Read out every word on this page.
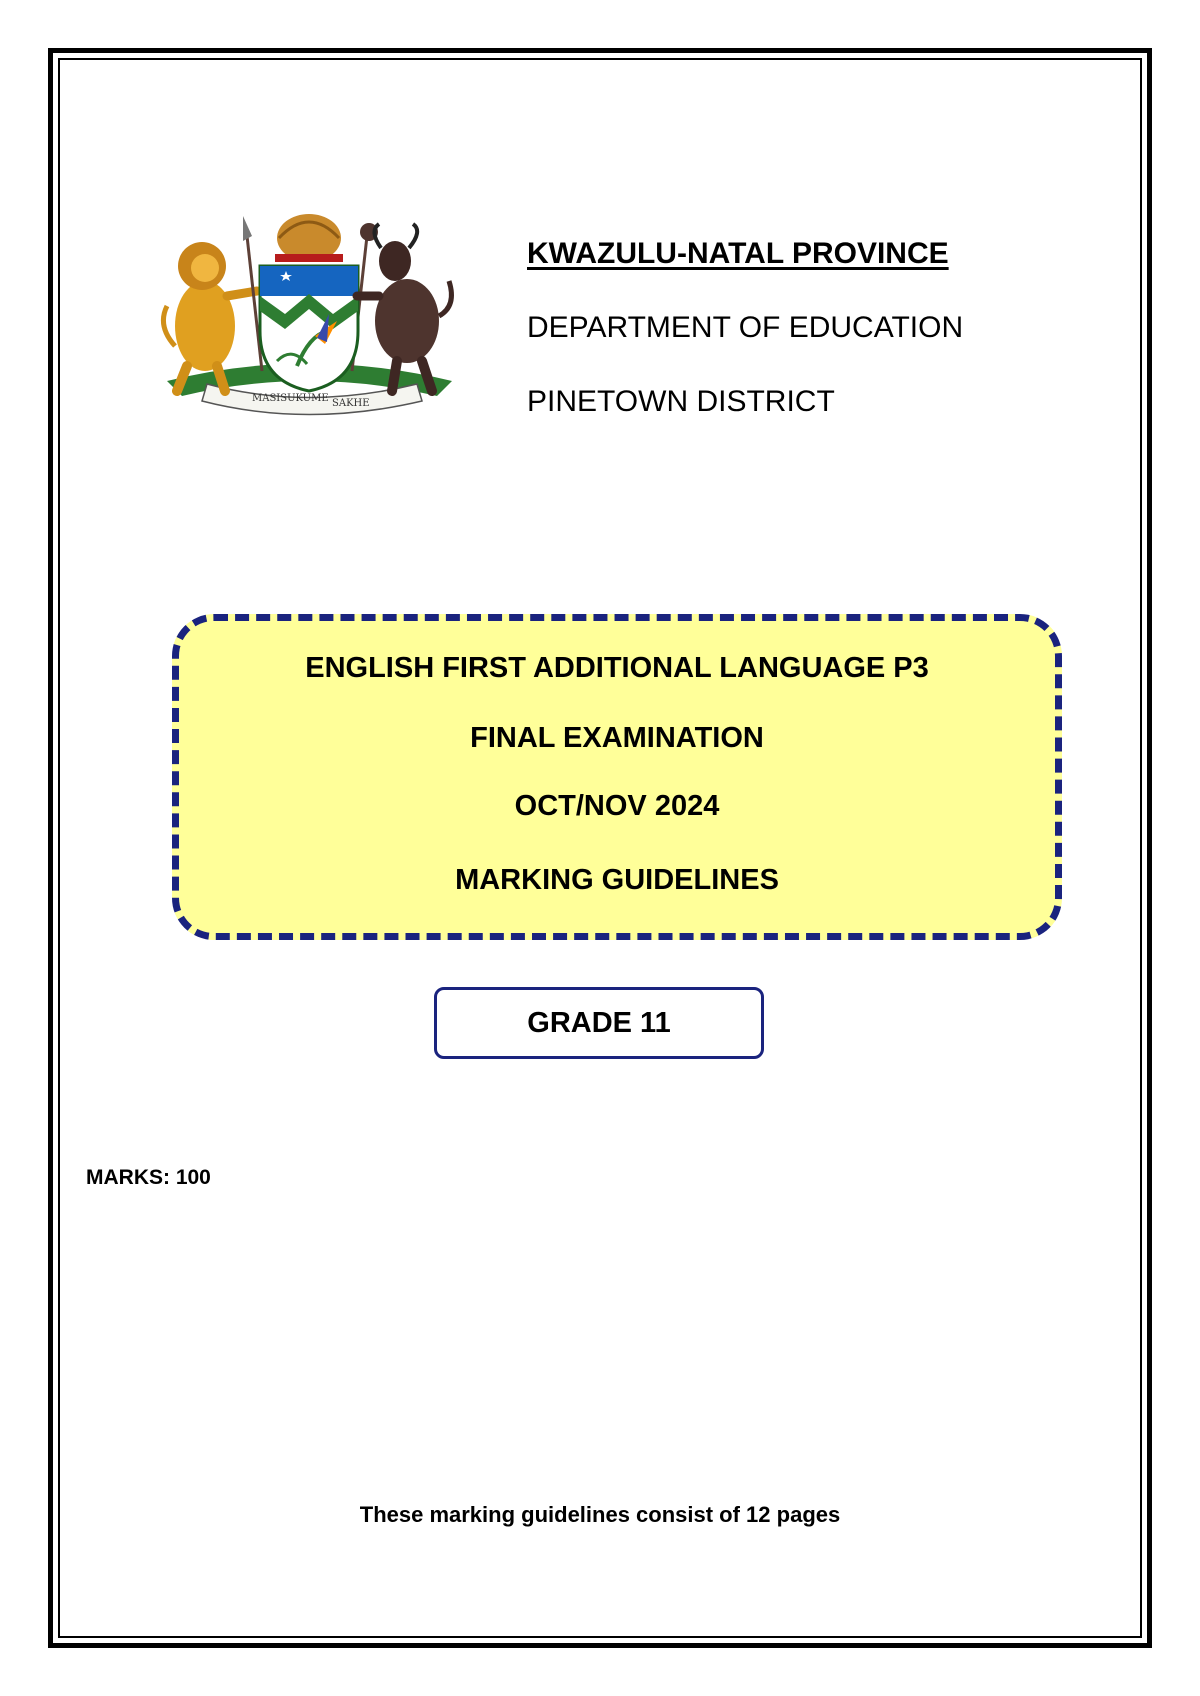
MASISUKUME SAKHE
KWAZULU-NATAL PROVINCE
DEPARTMENT OF EDUCATION
PINETOWN DISTRICT
ENGLISH FIRST ADDITIONAL LANGUAGE P3
FINAL EXAMINATION
OCT/NOV 2024
MARKING GUIDELINES
GRADE 11
MARKS: 100
These marking guidelines consist of 12 pages
